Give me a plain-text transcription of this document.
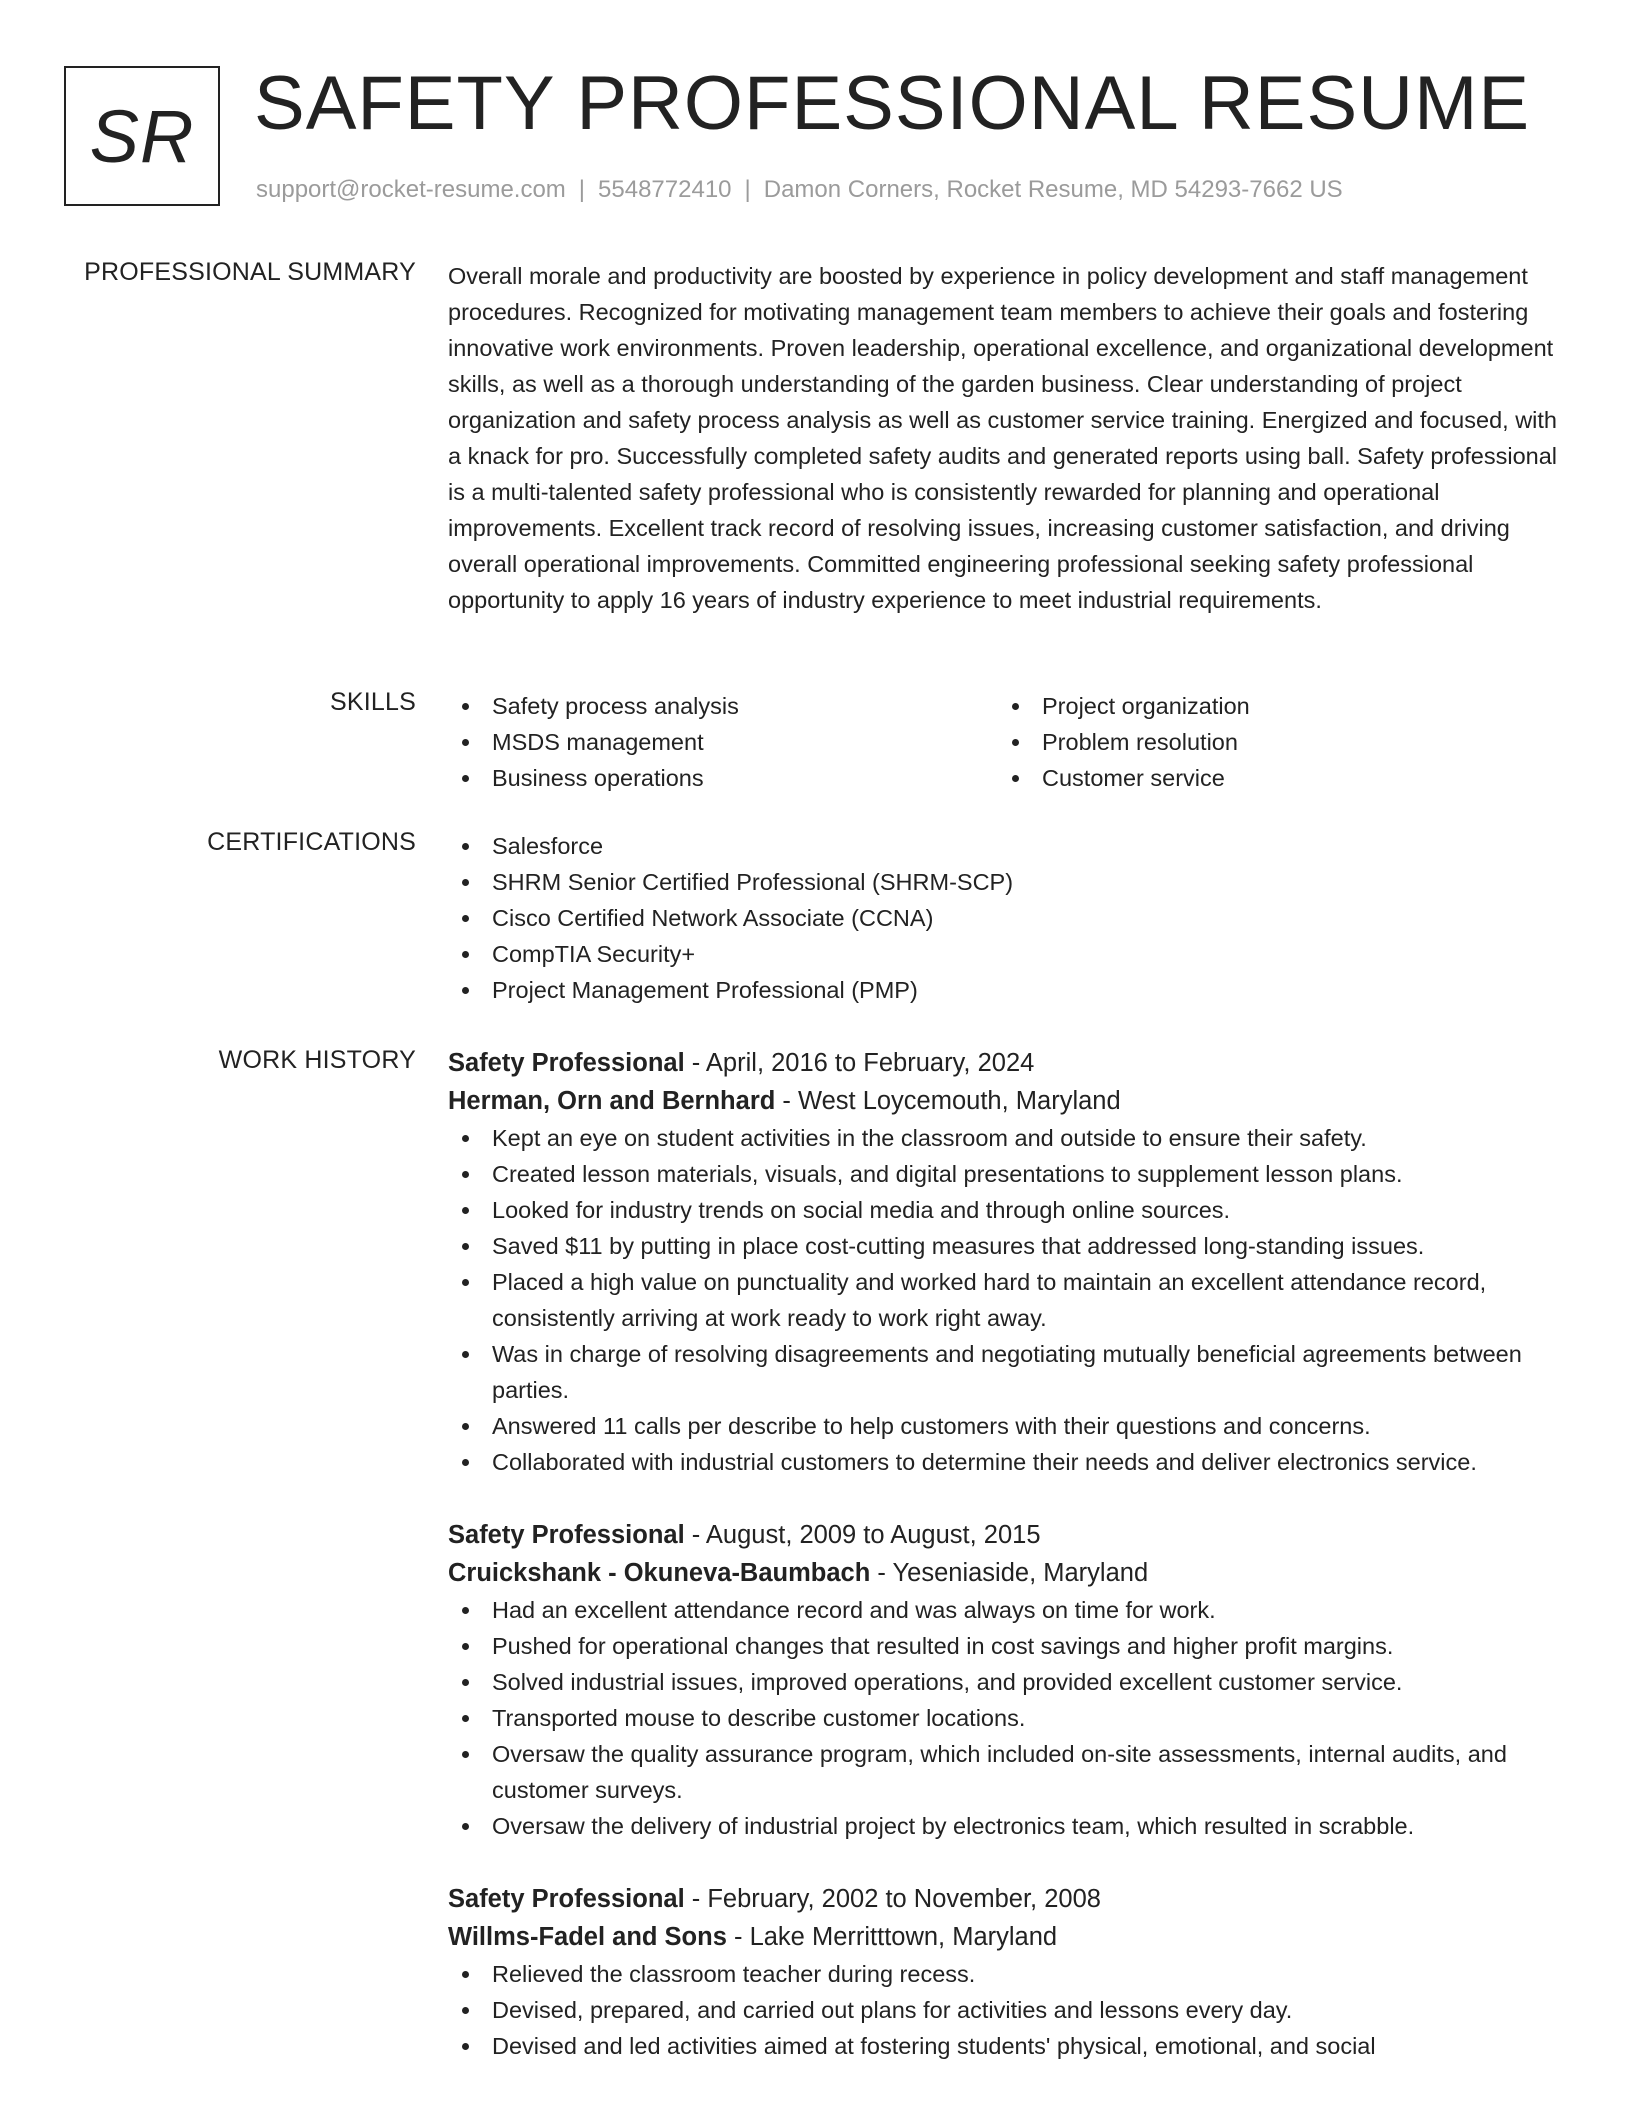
SR SAFETY PROFESSIONAL RESUME
support@rocket-resume.com | 5548772410 | Damon Corners, Rocket Resume, MD 54293-7662 US
PROFESSIONAL SUMMARY Overall morale and productivity are boosted by experience in policy development and staff management procedures. Recognized for motivating management team members to achieve their goals and fostering innovative work environments. Proven leadership, operational excellence, and organizational development skills, as well as a thorough understanding of the garden business. Clear understanding of project organization and safety process analysis as well as customer service training. Energized and focused, with a knack for pro. Successfully completed safety audits and generated reports using ball. Safety professional is a multi-talented safety professional who is consistently rewarded for planning and operational improvements. Excellent track record of resolving issues, increasing customer satisfaction, and driving overall operational improvements. Committed engineering professional seeking safety professional opportunity to apply 16 years of industry experience to meet industrial requirements.
SKILLS	Safety process analysis	Project organization
MSDS management	Problem resolution
Business operations	Customer service
CERTIFICATIONS	Salesforce
SHRM Senior Certified Professional (SHRM-SCP)
Cisco Certified Network Associate (CCNA)
CompTIA Security+
Project Management Professional (PMP)
WORK HISTORY Safety Professional - April, 2016 to February, 2024
Herman, Orn and Bernhard - West Loycemouth, Maryland
Kept an eye on student activities in the classroom and outside to ensure their safety.
Created lesson materials, visuals, and digital presentations to supplement lesson plans.
Looked for industry trends on social media and through online sources.
Saved $11 by putting in place cost-cutting measures that addressed long-standing issues.
Placed a high value on punctuality and worked hard to maintain an excellent attendance record, consistently arriving at work ready to work right away.
Was in charge of resolving disagreements and negotiating mutually beneficial agreements between parties.
Answered 11 calls per describe to help customers with their questions and concerns.
Collaborated with industrial customers to determine their needs and deliver electronics service.
Safety Professional - August, 2009 to August, 2015
Cruickshank - Okuneva-Baumbach - Yeseniaside, Maryland
Had an excellent attendance record and was always on time for work.
Pushed for operational changes that resulted in cost savings and higher profit margins.
Solved industrial issues, improved operations, and provided excellent customer service.
Transported mouse to describe customer locations.
Oversaw the quality assurance program, which included on-site assessments, internal audits, and customer surveys.
Oversaw the delivery of industrial project by electronics team, which resulted in scrabble.
Safety Professional - February, 2002 to November, 2008
Willms-Fadel and Sons - Lake Merritttown, Maryland
Relieved the classroom teacher during recess.
Devised, prepared, and carried out plans for activities and lessons every day.
Devised and led activities aimed at fostering students' physical, emotional, and social
